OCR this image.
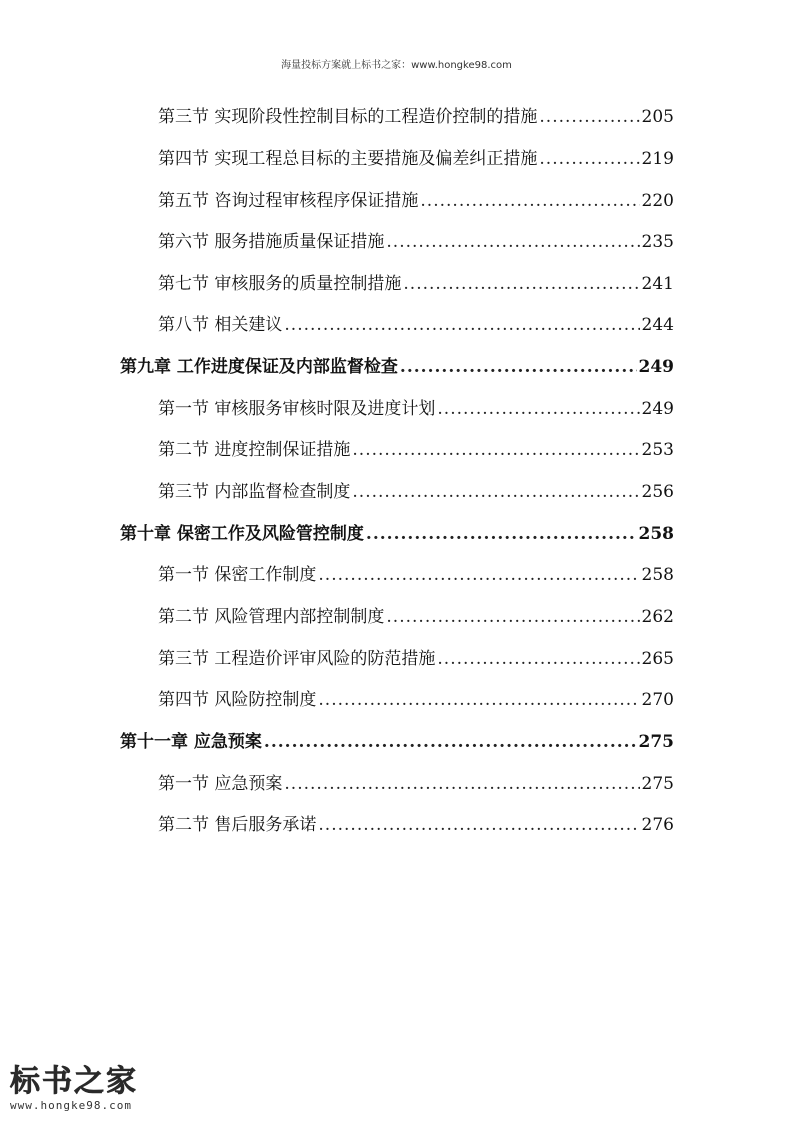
海量投标方案就上标书之家：www.hongke98.com
第三节 实现阶段性控制目标的工程造价控制的措施 .....	205
第四节 实现工程总目标的主要措施及偏差纠正措施 .....	219
第五节 咨询过程审核程序保证措施 .....	220
第六节 服务措施质量保证措施 .....	235
第七节 审核服务的质量控制措施 .....	241
第八节 相关建议 .....	244
第九章 工作进度保证及内部监督检查 .....	249
第一节 审核服务审核时限及进度计划 .....	249
第二节 进度控制保证措施 .....	253
第三节 内部监督检查制度 .....	256
第十章 保密工作及风险管控制度 .....	258
第一节 保密工作制度 .....	258
第二节 风险管理内部控制制度 .....	262
第三节 工程造价评审风险的防范措施 .....	265
第四节 风险防控制度 .....	270
第十一章 应急预案 .....	275
第一节 应急预案 .....	275
第二节 售后服务承诺 .....	276
标书之家
www.hongke98.com
